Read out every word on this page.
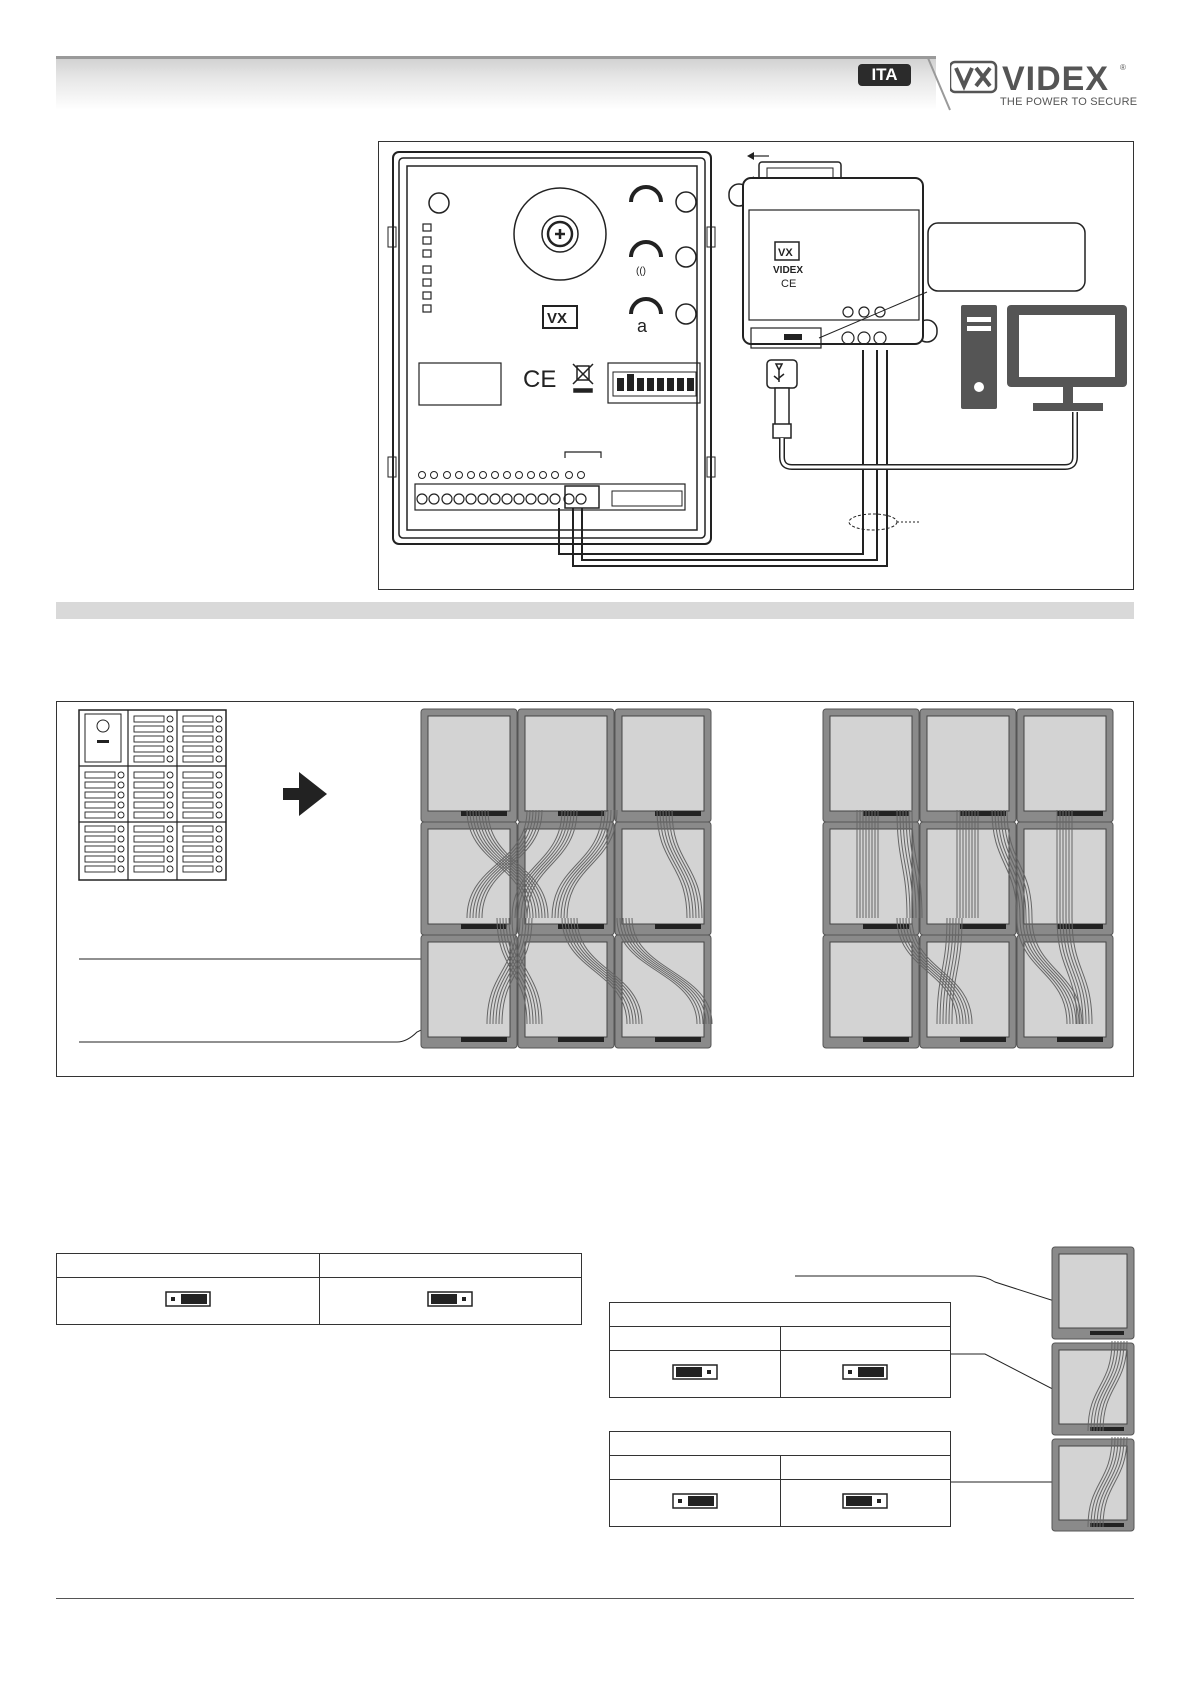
ITA	VIDEX ®
THE POWER TO SECURE
(()
a
VX
CE
VX
VIDEX
CE
